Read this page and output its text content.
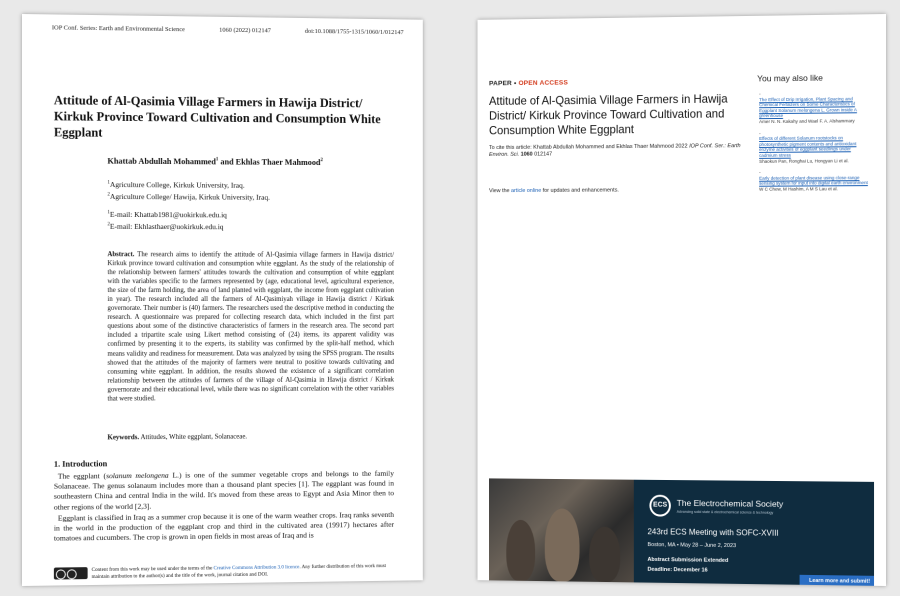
IOP Conf. Series: Earth and Environmental Science	1060 (2022) 012147	doi:10.1088/1755-1315/1060/1/012147
Attitude of Al-Qasimia Village Farmers in Hawija District/ Kirkuk Province Toward Cultivation and Consumption White Eggplant
Khattab Abdullah Mohammed$^1$ and Ekhlas Thaer Mahmood$^2$
$^1$Agriculture College, Kirkuk University, Iraq.
$^2$Agriculture College/ Hawija, Kirkuk University, Iraq.
$^1$E-mail: Khattab1981@uokirkuk.edu.iq
$^2$E-mail: Ekhlasthaer@uokirkuk.edu.iq
Abstract. The research aims to identify the attitude of Al-Qasimia village farmers in Hawija district/ Kirkuk province toward cultivation and consumption white eggplant. As the study of the relationship of the relationship between farmers' attitudes towards the cultivation and consumption of white eggplant with the variables specific to the farmers represented by (age, educational level, agricultural experience, the size of the farm holding, the area of land planted with eggplant, the income from eggplant cultivation in year). The research included all the farmers of Al-Qasimiyah village in Hawija district / Kirkuk governorate. Their number is (40) farmers. The researchers used the descriptive method in conducting the research. A questionnaire was prepared for collecting research data, which included in the first part questions about some of the distinctive characteristics of farmers in the research area. The second part included a tripartite scale using Likert method consisting of (24) items, its apparent validity was confirmed by presenting it to the experts, its stability was confirmed by the split-half method, which means validity and readiness for measurement. Data was analyzed by using the SPSS program. The results showed that the attitudes of the majority of farmers were neutral to positive towards cultivating and consuming white eggplant. In addition, the results showed the existence of a significant correlation relationship between the attitudes of farmers of the village of Al-Qasimia in Hawija district / Kirkuk governorate and their educational level, while there was no significant correlation with the other variables that were studied.
Keywords. Attitudes, White eggplant, Solanaceae.
1. Introduction

The eggplant (solanum melongena L.) is one of the summer vegetable crops and belongs to the family Solanaceae. The genus solanaum includes more than a thousand plant species [1]. The eggplant was found in southeastern China and central India in the wild. It's moved from these areas to Egypt and Asia Minor then to other regions of the world [2,3].

Eggplant is classified in Iraq as a summer crop because it is one of the warm weather crops. Iraq ranks seventh in the world in the production of the eggplant crop and third in the cultivated area (19917) hectares after tomatoes and cucumbers. The crop is grown in open fields in most areas of Iraq and is

Content from this work may be used under the terms of the Creative Commons Attribution 3.0 licence. Any further distribution of this work must maintain attribution to the author(s) and the title of the work, journal citation and DOI.
PAPER • OPEN ACCESS
Attitude of Al-Qasimia Village Farmers in Hawija District/ Kirkuk Province Toward Cultivation and Consumption White Eggplant
To cite this article: Khattab Abdullah Mohammed and Ekhlas Thaer Mahmood 2022 IOP Conf. Ser.: Earth Environ. Sci. 1060 012147
View the article online for updates and enhancements.
You may also like
-
The Effect of Drip Irrigation, Plant Spacing and Chemical Fertilizers on Some Characteristics of Eggplant Solanum melongena L. Grown inside A greenhouse
Amer N. N. Kakahy and Wael F. A. Alshammary
-
Effects of different Solanum rootstocks on photosynthetic pigment contents and antioxidant enzyme activities of eggplant seedlings under cadmium stress
Shaokun Pan, Ronghai Lu, Hongyan Li et al.
-
Early detection of plant disease using close-range sensing system for input into digital earth environment
W C Chew, M Hashim, A M S Lau et al.
ECS	The Electrochemical Society
Advancing solid state & electrochemical science & technology
243rd ECS Meeting with SOFC-XVIII
Boston, MA • May 28 – June 2, 2023
Abstract Submission Extended
Deadline: December 16
Learn more and submit!
